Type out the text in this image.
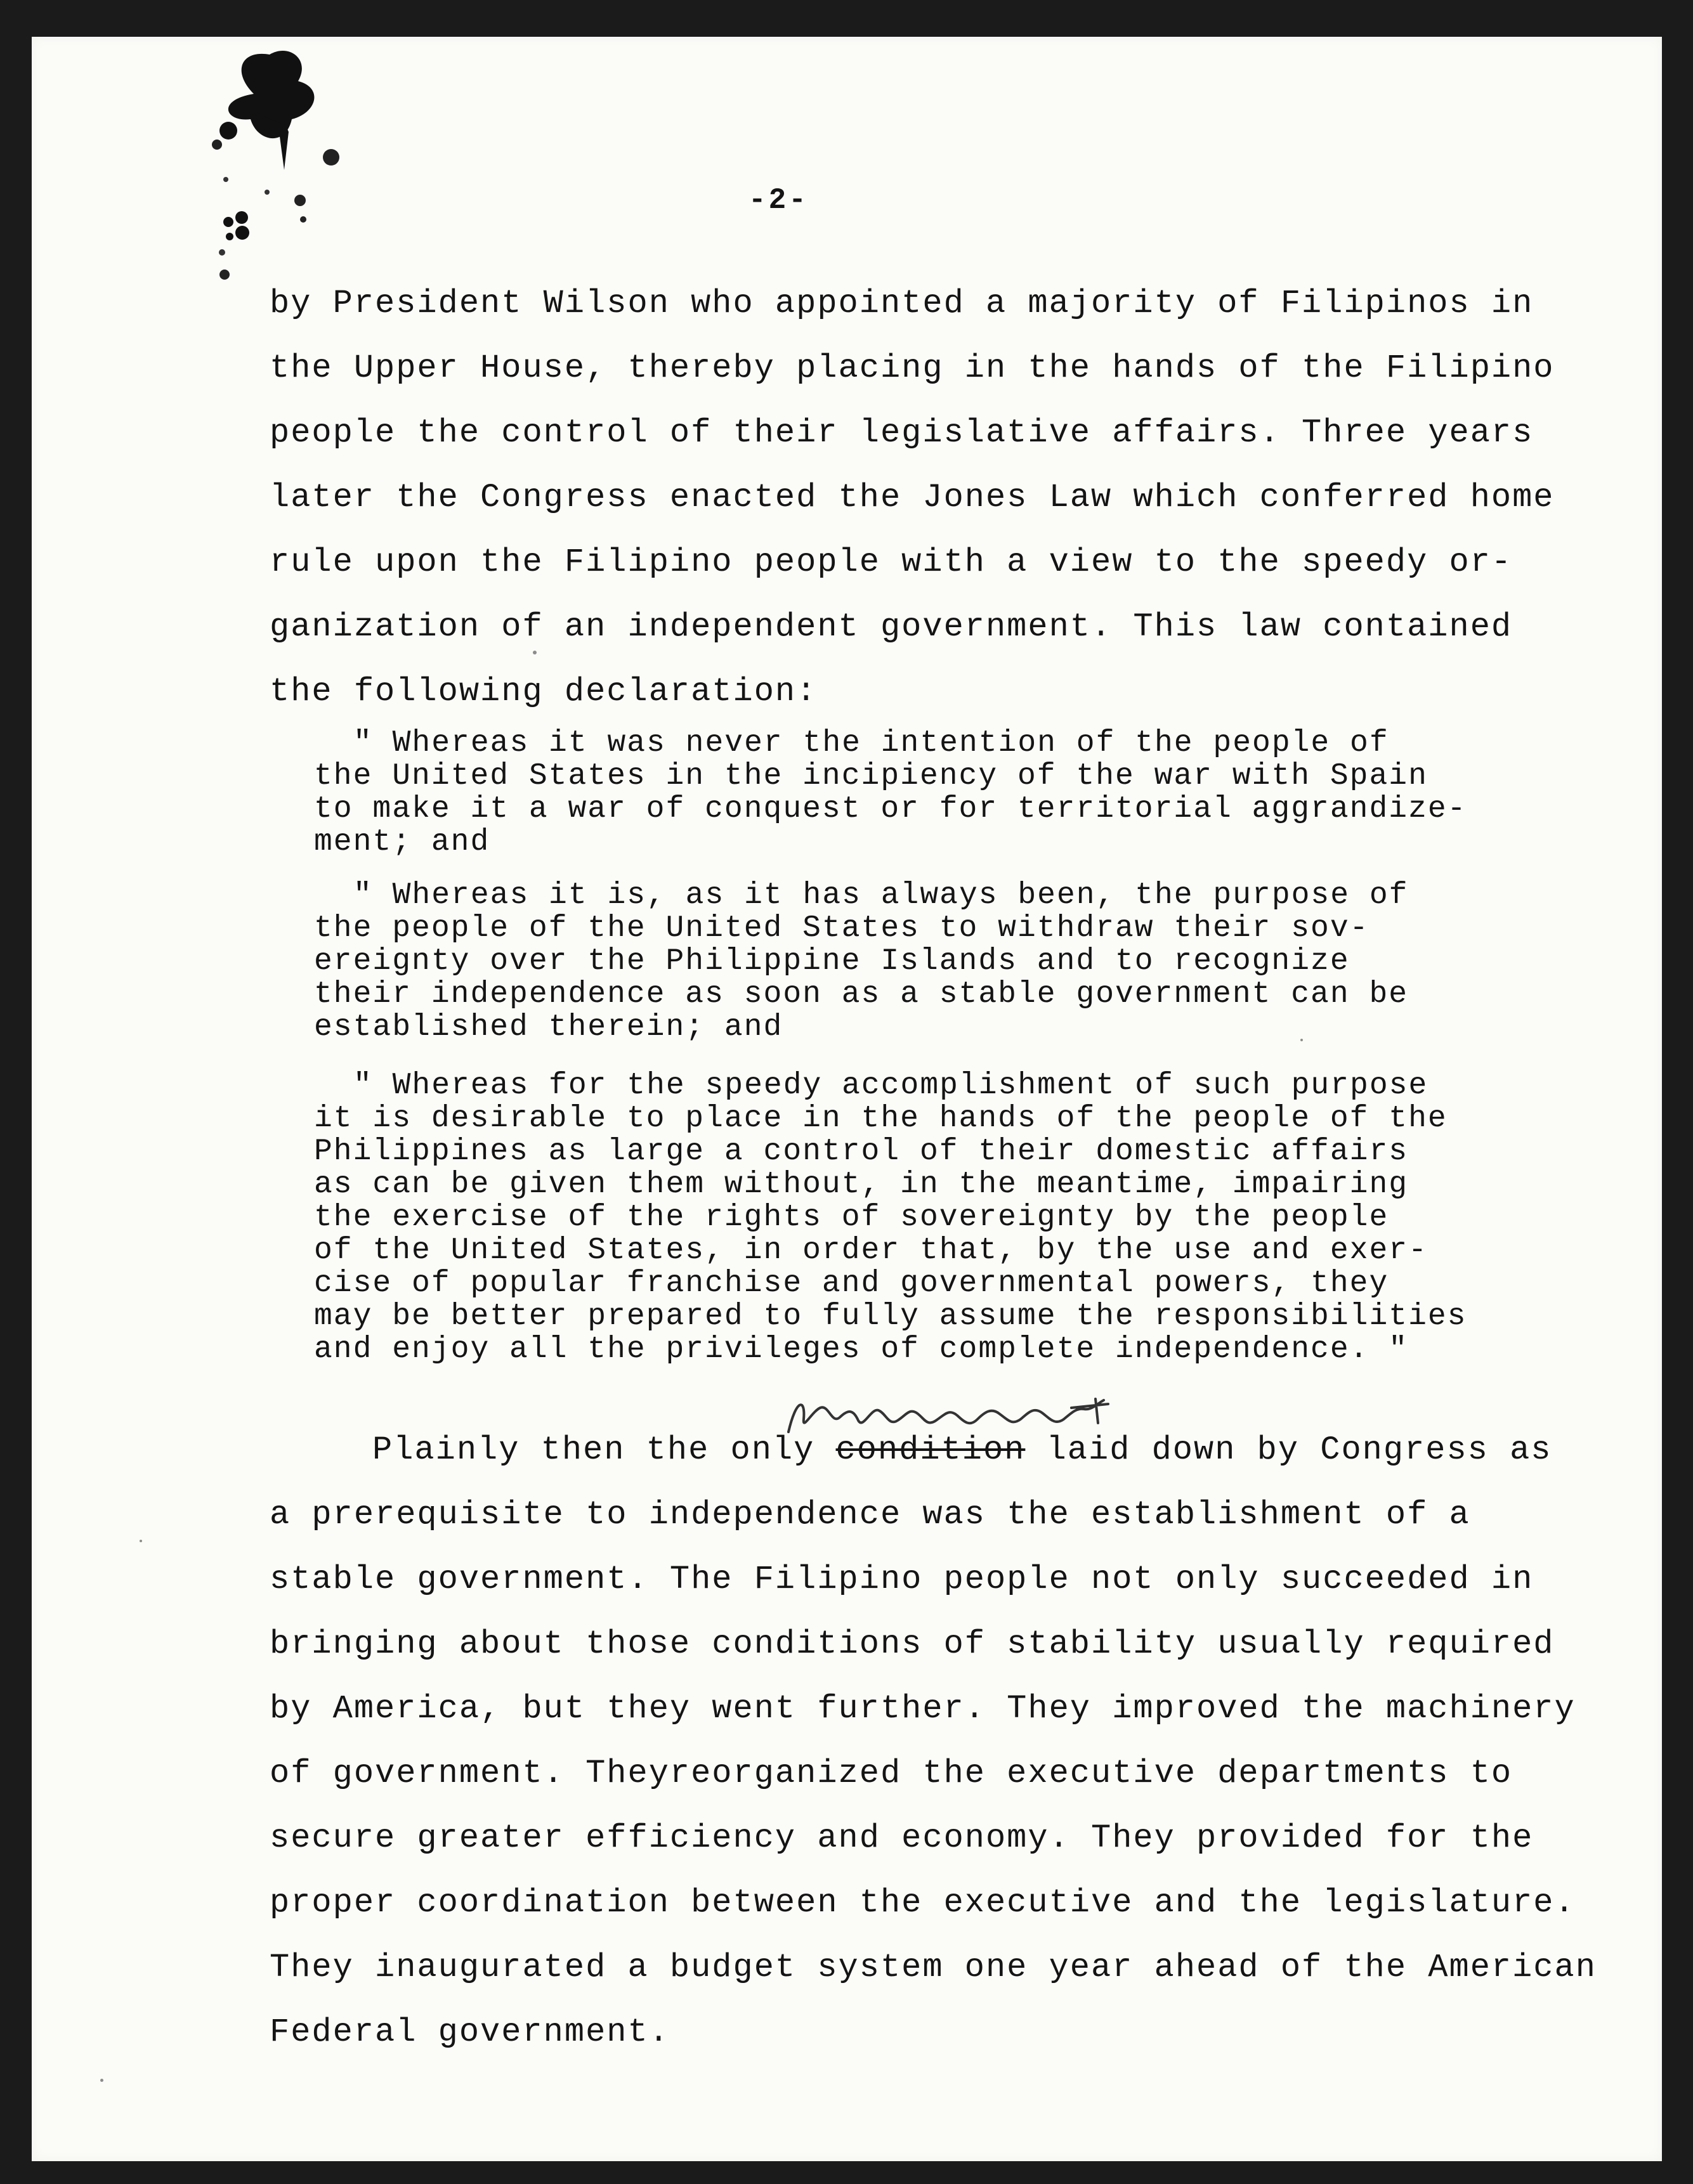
-2-
by President Wilson who appointed a majority of Filipinos in
the Upper House, thereby placing in the hands of the Filipino
people the control of their legislative affairs. Three years
later the Congress enacted the Jones Law which conferred home
rule upon the Filipino people with a view to the speedy or-
ganization of an independent government. This law contained
the following declaration:
" Whereas it was never the intention of the people of
the United States in the incipiency of the war with Spain
to make it a war of conquest or for territorial aggrandize-
ment; and
" Whereas it is, as it has always been, the purpose of
the people of the United States to withdraw their sov-
ereignty over the Philippine Islands and to recognize
their independence as soon as a stable government can be
established therein; and
" Whereas for the speedy accomplishment of such purpose
it is desirable to place in the hands of the people of the
Philippines as large a control of their domestic affairs
as can be given them without, in the meantime, impairing
the exercise of the rights of sovereignty by the people
of the United States, in order that, by the use and exer-
cise of popular franchise and governmental powers, they
may be better prepared to fully assume the responsibilities
and enjoy all the privileges of complete independence. "
Plainly then the only condition laid down by Congress as
a prerequisite to independence was the establishment of a
stable government. The Filipino people not only succeeded in
bringing about those conditions of stability usually required
by America, but they went further. They improved the machinery
of government. Theyreorganized the executive departments to
secure greater efficiency and economy. They provided for the
proper coordination between the executive and the legislature.
They inaugurated a budget system one year ahead of the American
Federal government.
